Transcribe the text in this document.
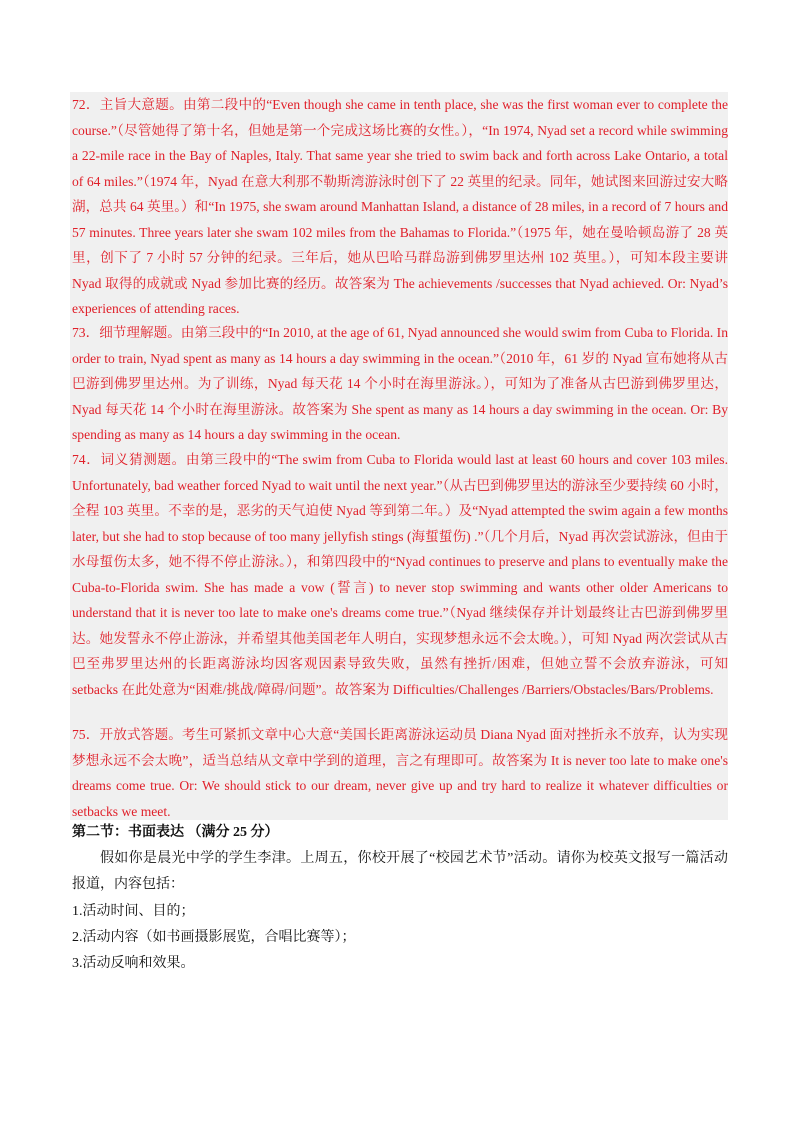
72．主旨大意题。由第二段中的“Even though she came in tenth place, she was the first woman ever to complete the course.”（尽管她得了第十名，但她是第一个完成这场比赛的女性。），“In 1974, Nyad set a record while swimming a 22-mile race in the Bay of Naples, Italy. That same year she tried to swim back and forth across Lake Ontario, a total of 64 miles.”（1974 年，Nyad 在意大利那不勒斯湾游泳时创下了 22 英里的纪录。同年，她试图来回游过安大略湖，总共 64 英里。）和“In 1975, she swam around Manhattan Island, a distance of 28 miles, in a record of 7 hours and 57 minutes. Three years later she swam 102 miles from the Bahamas to Florida.”（1975 年，她在曼哈顿岛游了 28 英里，创下了 7 小时 57 分钟的纪录。三年后，她从巴哈马群岛游到佛罗里达州 102 英里。），可知本段主要讲 Nyad 取得的成就或 Nyad 参加比赛的经历。故答案为 The achievements /successes that Nyad achieved. Or: Nyad’s experiences of attending races.
73．细节理解题。由第三段中的“In 2010, at the age of 61, Nyad announced she would swim from Cuba to Florida. In order to train, Nyad spent as many as 14 hours a day swimming in the ocean.”（2010 年，61 岁的 Nyad 宣布她将从古巴游到佛罗里达州。为了训练，Nyad 每天花 14 个小时在海里游泳。），可知为了准备从古巴游到佛罗里达，Nyad 每天花 14 个小时在海里游泳。故答案为 She spent as many as 14 hours a day swimming in the ocean. Or: By spending as many as 14 hours a day swimming in the ocean.
74．词义猜测题。由第三段中的“The swim from Cuba to Florida would last at least 60 hours and cover 103 miles. Unfortunately, bad weather forced Nyad to wait until the next year.”（从古巴到佛罗里达的游泳至少要持续 60 小时，全程 103 英里。不幸的是，恶劣的天气迫使 Nyad 等到第二年。）及“Nyad attempted the swim again a few months later, but she had to stop because of too many jellyfish stings (海蜇蜇伤) .”（几个月后，Nyad 再次尝试游泳，但由于水母蜇伤太多，她不得不停止游泳。），和第四段中的“Nyad continues to preserve and plans to eventually make the Cuba-to-Florida swim. She has made a vow (誓言) to never stop swimming and wants other older Americans to understand that it is never too late to make one's dreams come true.”（Nyad 继续保存并计划最终让古巴游到佛罗里达。她发誓永不停止游泳，并希望其他美国老年人明白，实现梦想永远不会太晚。），可知 Nyad 两次尝试从古巴至弗罗里达州的长距离游泳均因客观因素导致失败，虽然有挫折/困难，但她立誓不会放弃游泳，可知 setbacks 在此处意为“困难/挑战/障碍/问题”。故答案为 Difficulties/Challenges /Barriers/Obstacles/Bars/Problems.
75．开放式答题。考生可紧抓文章中心大意“美国长距离游泳运动员 Diana Nyad 面对挫折永不放弃，认为实现梦想永远不会太晚”，适当总结从文章中学到的道理，言之有理即可。故答案为 It is never too late to make one's dreams come true. Or: We should stick to our dream, never give up and try hard to realize it whatever difficulties or setbacks we meet.
第二节：书面表达 （满分 25 分）
假如你是晨光中学的学生李津。上周五，你校开展了“校园艺术节”活动。请你为校英文报写一篇活动报道，内容包括：
1.活动时间、目的；
2.活动内容（如书画摄影展览，合唱比赛等）；
3.活动反响和效果。
